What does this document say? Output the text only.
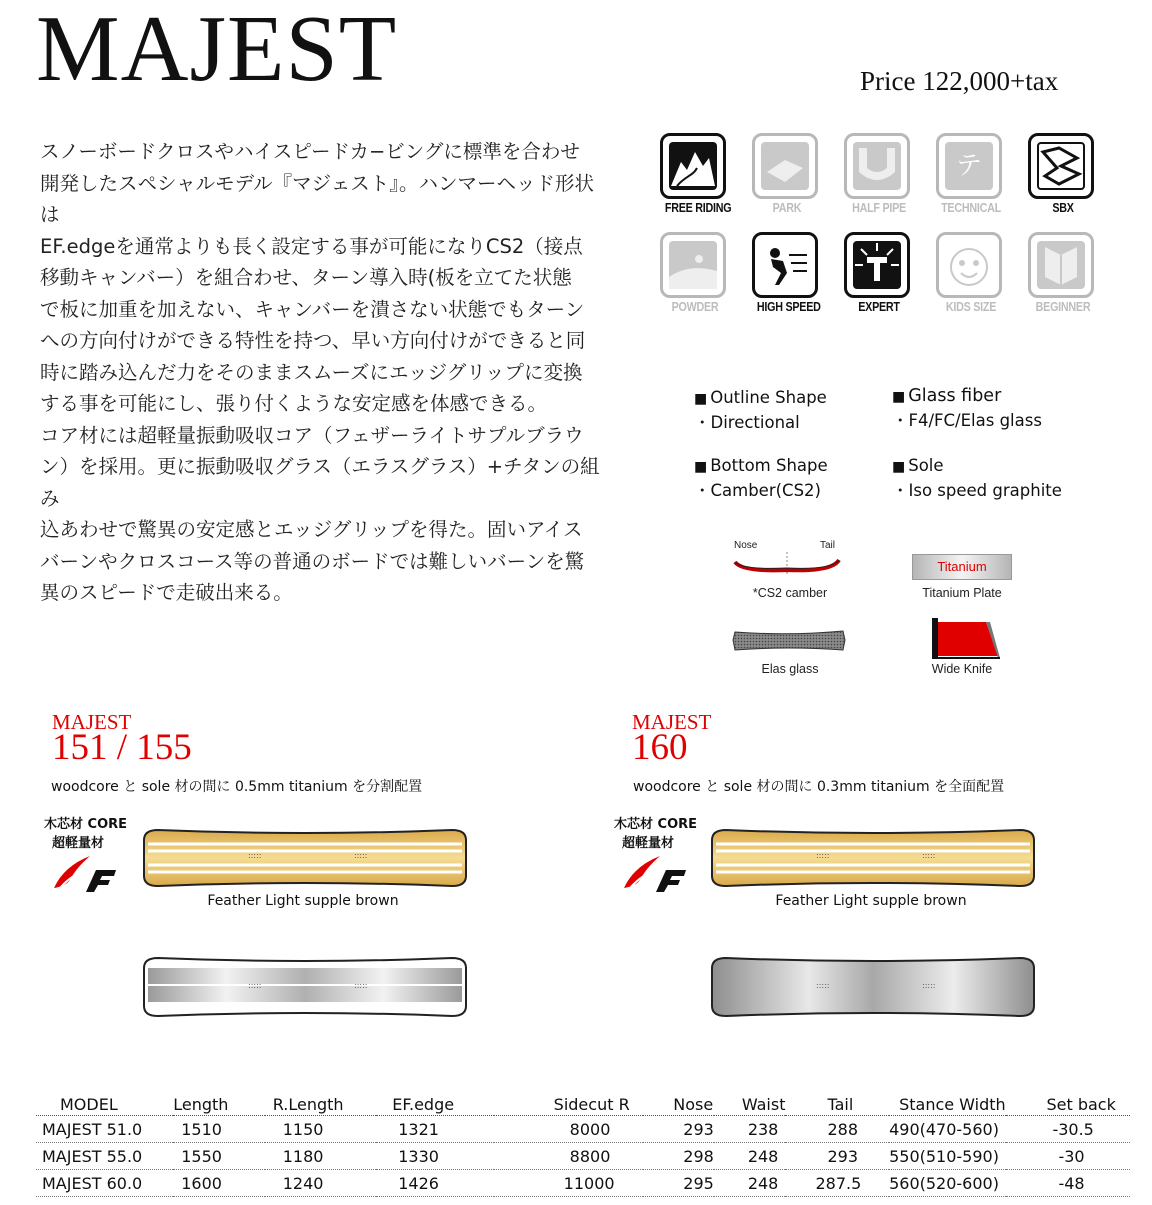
MAJEST	Price 122,000+tax

スノーボードクロスやハイスピードカ−ビングに標準を合わせ

開発したスペシャルモデル『マジェスト』。ハンマーヘッド形状は

EF.edgeを通常よりも長く設定する事が可能になりCS2（接点

移動キャンバー）を組合わせ、ターン導入時(板を立てた状態

で板に加重を加えない、キャンバーを潰さない状態でもターン

への方向付けができる特性を持つ、早い方向付けができると同

時に踏み込んだ力をそのままスムーズにエッジグリップに変換

する事を可能にし、張り付くような安定感を体感できる。

コア材には超軽量振動吸収コア（フェザーライトサプルブラウ

ン）を採用。更に振動吸収グラス（エラスグラス）+チタンの組み

込あわせで驚異の安定感とエッジグリップを得た。固いアイス

バーンやクロスコース等の普通のボードでは難しいバーンを驚

異のスピードで走破出来る。

FREE RIDING	PARK	HALF PIPE
テ
TECHNICAL	SBX
POWDER	HIGH SPEED	EXPERT	KIDS SIZE	BEGINNER
■ Outline Shape
・Directional
■ Glass fiber
・F4/FC/Elas glass
■ Bottom Shape
・Camber(CS2)
■ Sole
・Iso speed graphite
Nose	Tail
*CS2 camber
Titanium
Titanium Plate
Elas glass	Wide Knife
MAJEST
151 / 155
woodcore と sole 材の間に 0.5mm titanium を分割配置
木芯材 CORE
超軽量材
:::::	:::::
Feather Light supple brown
:::::	:::::
MAJEST
160
woodcore と sole 材の間に 0.3mm titanium を全面配置
木芯材 CORE
超軽量材
:::::	:::::
Feather Light supple brown
:::::	:::::
MODEL	Length	R.Length	EF.edge	Sidecut R	Nose	Waist	Tail	Stance Width	Set back
MAJEST 51.0	1510	1150	1321	8000	293	238	288	490(470-560)	-30.5
MAJEST 55.0	1550	1180	1330	8800	298	248	293	550(510-590)	-30
MAJEST 60.0	1600	1240	1426	11000	295	248	287.5	560(520-600)	-48
